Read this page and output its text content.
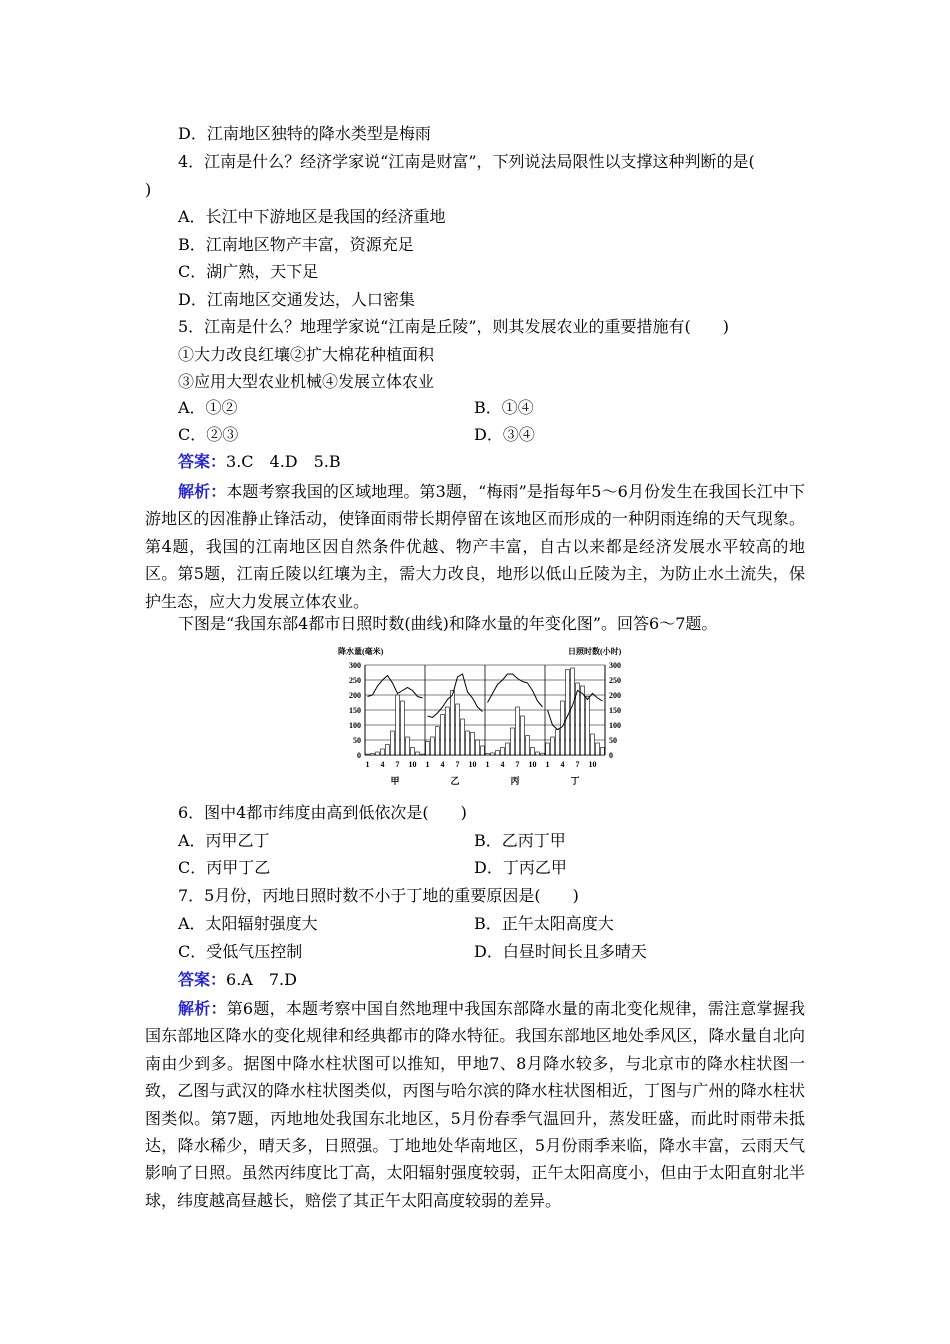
D．江南地区独特的降水类型是梅雨
4．江南是什么？经济学家说“江南是财富”，下列说法局限性以支撑这种判断的是(
)
A．长江中下游地区是我国的经济重地
B．江南地区物产丰富，资源充足
C．湖广熟，天下足
D．江南地区交通发达，人口密集
5．江南是什么？地理学家说“江南是丘陵”，则其发展农业的重要措施有(　　)
①大力改良红壤②扩大棉花种植面积
③应用大型农业机械④发展立体农业
A．①②	B．①④
C．②③	D．③④
答案：3.C　4.D　5.B
解析：本题考察我国的区域地理。第3题，“梅雨”是指每年5～6月份发生在我国长江中下游地区的因准静止锋活动，使锋面雨带长期停留在该地区而形成的一种阴雨连绵的天气现象。第4题，我国的江南地区因自然条件优越、物产丰富，自古以来都是经济发展水平较高的地区。第5题，江南丘陵以红壤为主，需大力改良，地形以低山丘陵为主，为防止水土流失，保护生态，应大力发展立体农业。
下图是“我国东部4都市日照时数(曲线)和降水量的年变化图”。回答6～7题。
降水量(毫米)	日照时数(小时)
0	0
50	50
100	100
150	150
200	200
250	250
300	300
1 4 7 10
甲
1 4 7 10
乙
1 4 7 10
丙
1 4 7 10
丁
6．图中4都市纬度由高到低依次是(　　)
A．丙甲乙丁	B．乙丙丁甲
C．丙甲丁乙	D．丁丙乙甲
7．5月份，丙地日照时数不小于丁地的重要原因是(　　)
A．太阳辐射强度大	B．正午太阳高度大
C．受低气压控制	D．白昼时间长且多晴天
答案：6.A　7.D
解析：第6题，本题考察中国自然地理中我国东部降水量的南北变化规律，需注意掌握我国东部地区降水的变化规律和经典都市的降水特征。我国东部地区地处季风区，降水量自北向南由少到多。据图中降水柱状图可以推知，甲地7、8月降水较多，与北京市的降水柱状图一致，乙图与武汉的降水柱状图类似，丙图与哈尔滨的降水柱状图相近，丁图与广州的降水柱状图类似。第7题，丙地地处我国东北地区，5月份春季气温回升，蒸发旺盛，而此时雨带未抵达，降水稀少，晴天多，日照强。丁地地处华南地区，5月份雨季来临，降水丰富，云雨天气影响了日照。虽然丙纬度比丁高，太阳辐射强度较弱，正午太阳高度小，但由于太阳直射北半球，纬度越高昼越长，赔偿了其正午太阳高度较弱的差异。
